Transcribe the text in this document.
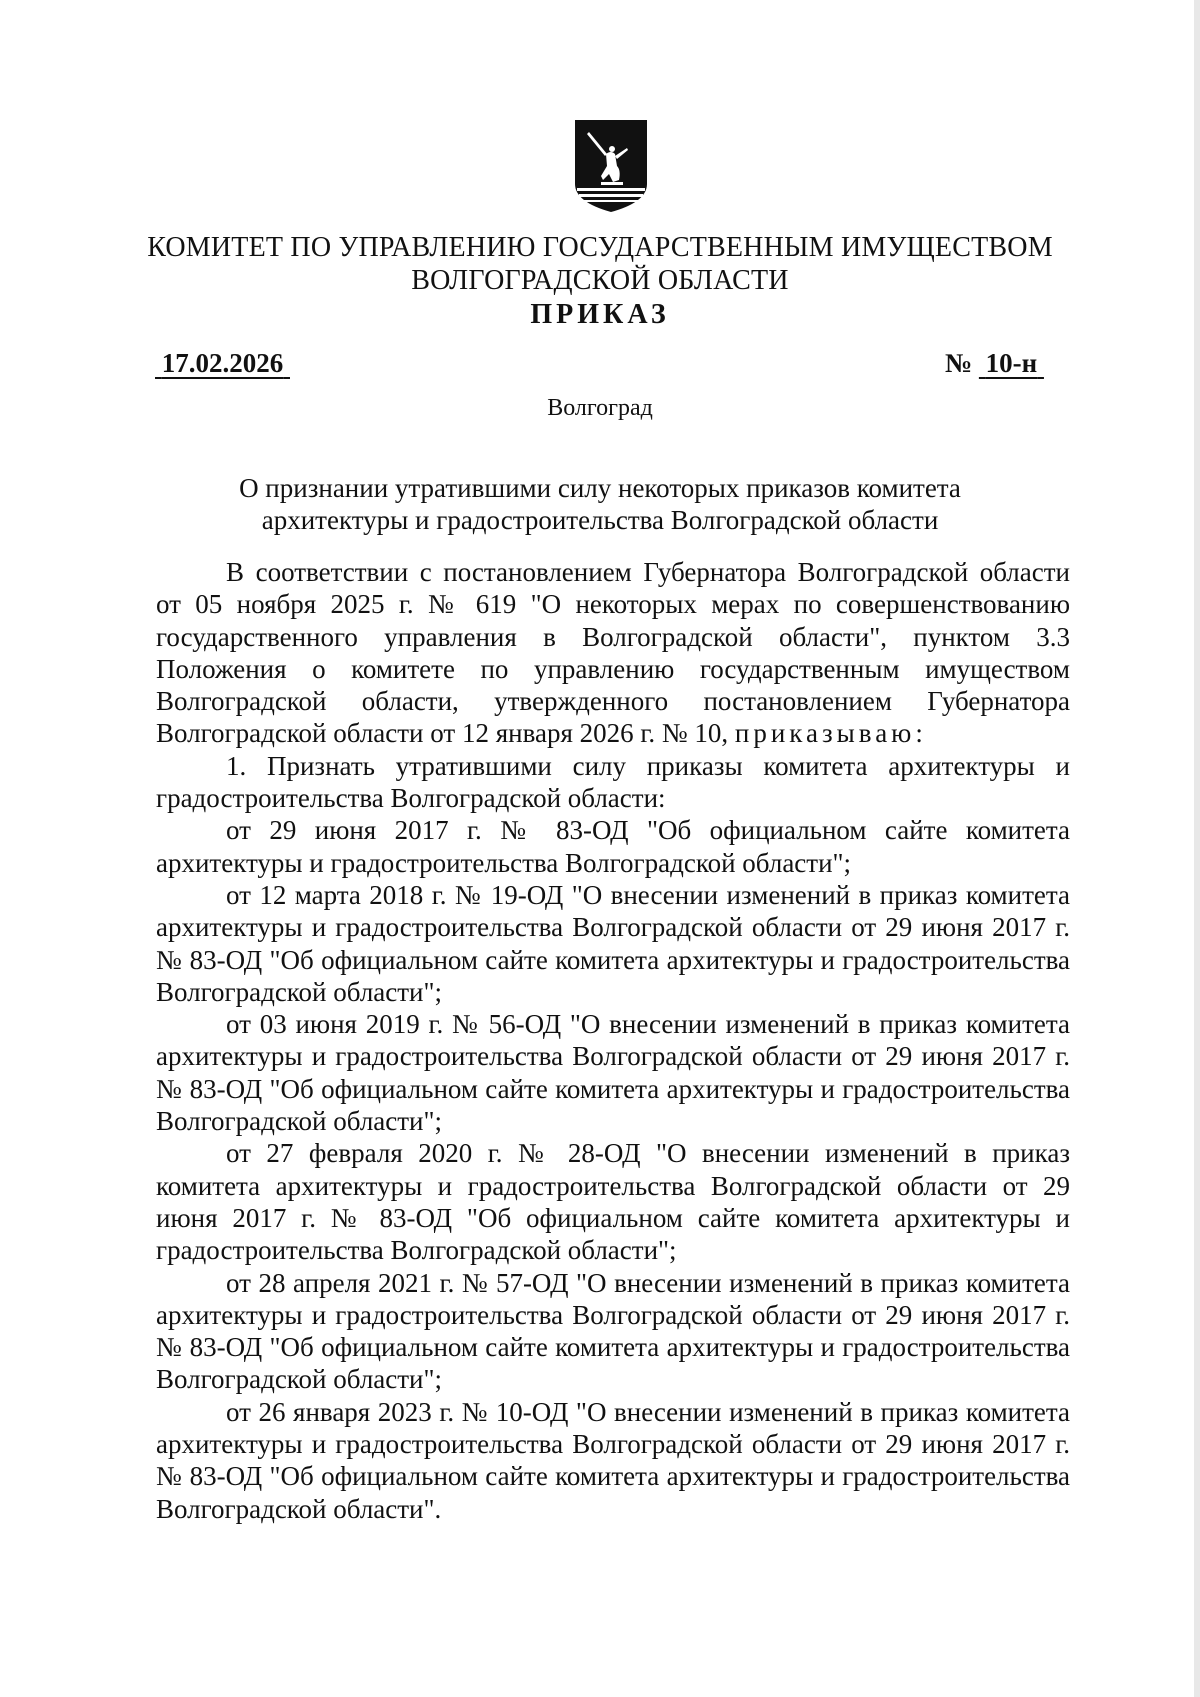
КОМИТЕТ ПО УПРАВЛЕНИЮ ГОСУДАРСТВЕННЫМ ИМУЩЕСТВОМ
ВОЛГОГРАДСКОЙ ОБЛАСТИ
ПРИКАЗ
17.02.2026	№ 10-н
Волгоград
О признании утратившими силу некоторых приказов комитета
архитектуры и градостроительства Волгоградской области

В соответствии с постановлением Губернатора Волгоградской области от 05 ноября 2025 г. № 619 "О некоторых мерах по совершенствованию государственного управления в Волгоградской области", пунктом 3.3 Положения о комитете по управлению государственным имуществом Волгоградской области, утвержденного постановлением Губернатора Волгоградской области от 12 января 2026 г. № 10, приказываю:

1. Признать утратившими силу приказы комитета архитектуры и градостроительства Волгоградской области:

от 29 июня 2017 г. № 83-ОД "Об официальном сайте комитета архитектуры и градостроительства Волгоградской области";

от 12 марта 2018 г. № 19-ОД "О внесении изменений в приказ комитета архитектуры и градостроительства Волгоградской области от 29 июня 2017 г. № 83-ОД "Об официальном сайте комитета архитектуры и градостроительства Волгоградской области";

от 03 июня 2019 г. № 56-ОД "О внесении изменений в приказ комитета архитектуры и градостроительства Волгоградской области от 29 июня 2017 г. № 83-ОД "Об официальном сайте комитета архитектуры и градостроительства Волгоградской области";

от 27 февраля 2020 г. № 28-ОД "О внесении изменений в приказ комитета архитектуры и градостроительства Волгоградской области от 29 июня 2017 г. № 83-ОД "Об официальном сайте комитета архитектуры и градостроительства Волгоградской области";

от 28 апреля 2021 г. № 57-ОД "О внесении изменений в приказ комитета архитектуры и градостроительства Волгоградской области от 29 июня 2017 г. № 83-ОД "Об официальном сайте комитета архитектуры и градостроительства Волгоградской области";

от 26 января 2023 г. № 10-ОД "О внесении изменений в приказ комитета архитектуры и градостроительства Волгоградской области от 29 июня 2017 г. № 83-ОД "Об официальном сайте комитета архитектуры и градостроительства Волгоградской области".
